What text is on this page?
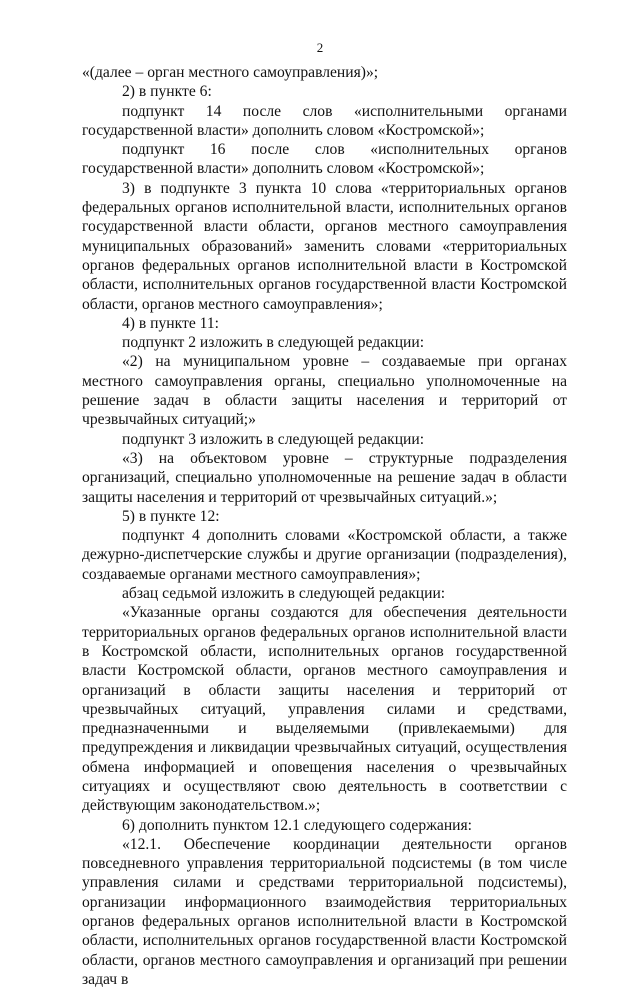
2

«(далее – орган местного самоуправления)»;

2) в пункте 6:

подпункт 14 после слов «исполнительными органами государственной власти» дополнить словом «Костромской»;

подпункт 16 после слов «исполнительных органов государственной власти» дополнить словом «Костромской»;

3) в подпункте 3 пункта 10 слова «территориальных органов федеральных органов исполнительной власти, исполнительных органов государственной власти области, органов местного самоуправления муниципальных образований» заменить словами «территориальных органов федеральных органов исполнительной власти в Костромской области, исполнительных органов государственной власти Костромской области, органов местного самоуправления»;

4) в пункте 11:

подпункт 2 изложить в следующей редакции:

«2) на муниципальном уровне – создаваемые при органах местного самоуправления органы, специально уполномоченные на решение задач в области защиты населения и территорий от чрезвычайных ситуаций;»

подпункт 3 изложить в следующей редакции:

«3) на объектовом уровне – структурные подразделения организаций, специально уполномоченные на решение задач в области защиты населения и территорий от чрезвычайных ситуаций.»;

5) в пункте 12:

подпункт 4 дополнить словами «Костромской области, а также дежурно-диспетчерские службы и другие организации (подразделения), создаваемые органами местного самоуправления»;

абзац седьмой изложить в следующей редакции:

«Указанные органы создаются для обеспечения деятельности территориальных органов федеральных органов исполнительной власти в Костромской области, исполнительных органов государственной власти Костромской области, органов местного самоуправления и организаций в области защиты населения и территорий от чрезвычайных ситуаций, управления силами и средствами, предназначенными и выделяемыми (привлекаемыми) для предупреждения и ликвидации чрезвычайных ситуаций, осуществления обмена информацией и оповещения населения о чрезвычайных ситуациях и осуществляют свою деятельность в соответствии с действующим законодательством.»;

6) дополнить пунктом 12.1 следующего содержания:

«12.1. Обеспечение координации деятельности органов повседневного управления территориальной подсистемы (в том числе управления силами и средствами территориальной подсистемы), организации информационного взаимодействия территориальных органов федеральных органов исполнительной власти в Костромской области, исполнительных органов государственной власти Костромской области, органов местного самоуправления и организаций при решении задач в
